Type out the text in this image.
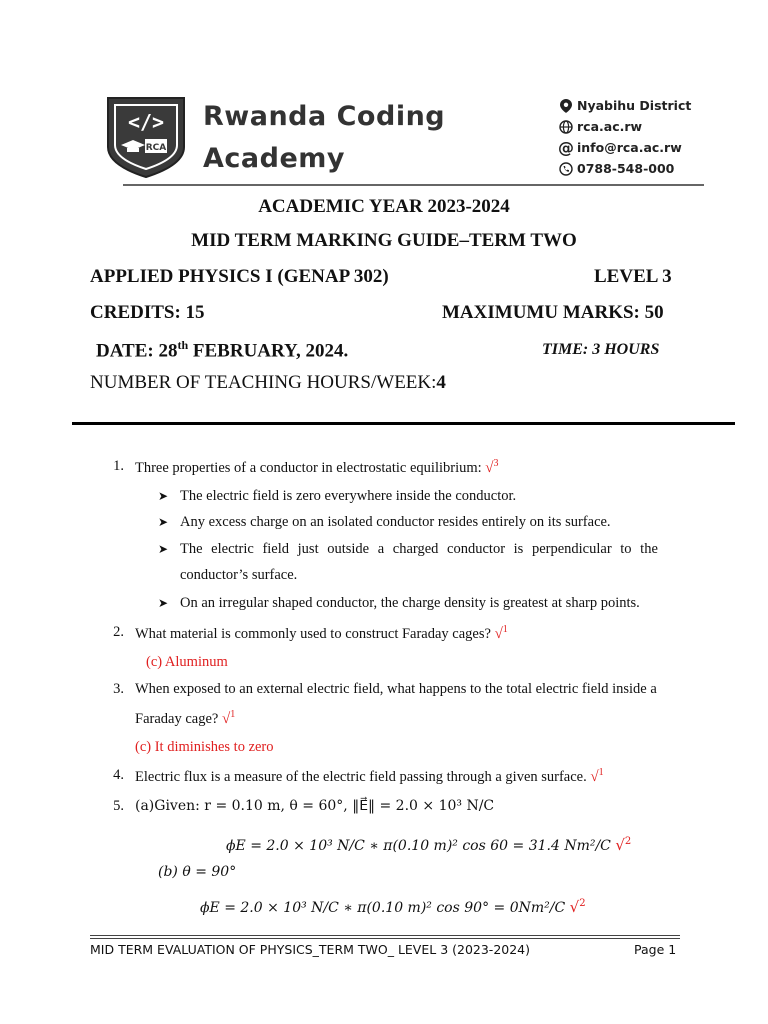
</>
RCA
Rwanda Coding
Academy
Nyabihu District
rca.ac.rw
@ info@rca.ac.rw
0788-548-000
ACADEMIC YEAR 2023-2024
MID TERM MARKING GUIDE–TERM TWO
APPLIED PHYSICS I (GENAP 302)	LEVEL 3
CREDITS: 15	MAXIMUMU MARKS: 50
DATE: 28th FEBRUARY, 2024.	TIME: 3 HOURS
NUMBER OF TEACHING HOURS/WEEK:4
1. Three properties of a conductor in electrostatic equilibrium: √$^3$
➤ The electric field is zero everywhere inside the conductor.
➤ Any excess charge on an isolated conductor resides entirely on its surface.
➤ The electric field just outside a charged conductor is perpendicular to the
conductor’s surface.
➤ On an irregular shaped conductor, the charge density is greatest at sharp points.
2. What material is commonly used to construct Faraday cages? √$^1$
(c) Aluminum
3. When exposed to an external electric field, what happens to the total electric field inside a
Faraday cage? √$^1$
(c) It diminishes to zero
4. Electric flux is a measure of the electric field passing through a given surface. √$^1$
5. (a)Given: r = 0.10 m, θ = 60°, ‖E⃗‖ = 2.0 × 10³ N/C
ϕE = 2.0 × 10³ N/C ∗ π(0.10 m)² cos 60 = 31.4 Nm²/C √$^2$
(b) θ = 90°
ϕE = 2.0 × 10³ N/C ∗ π(0.10 m)² cos 90° = 0Nm²/C √$^2$
MID TERM EVALUATION OF PHYSICS_TERM TWO_ LEVEL 3 (2023-2024)	Page 1
